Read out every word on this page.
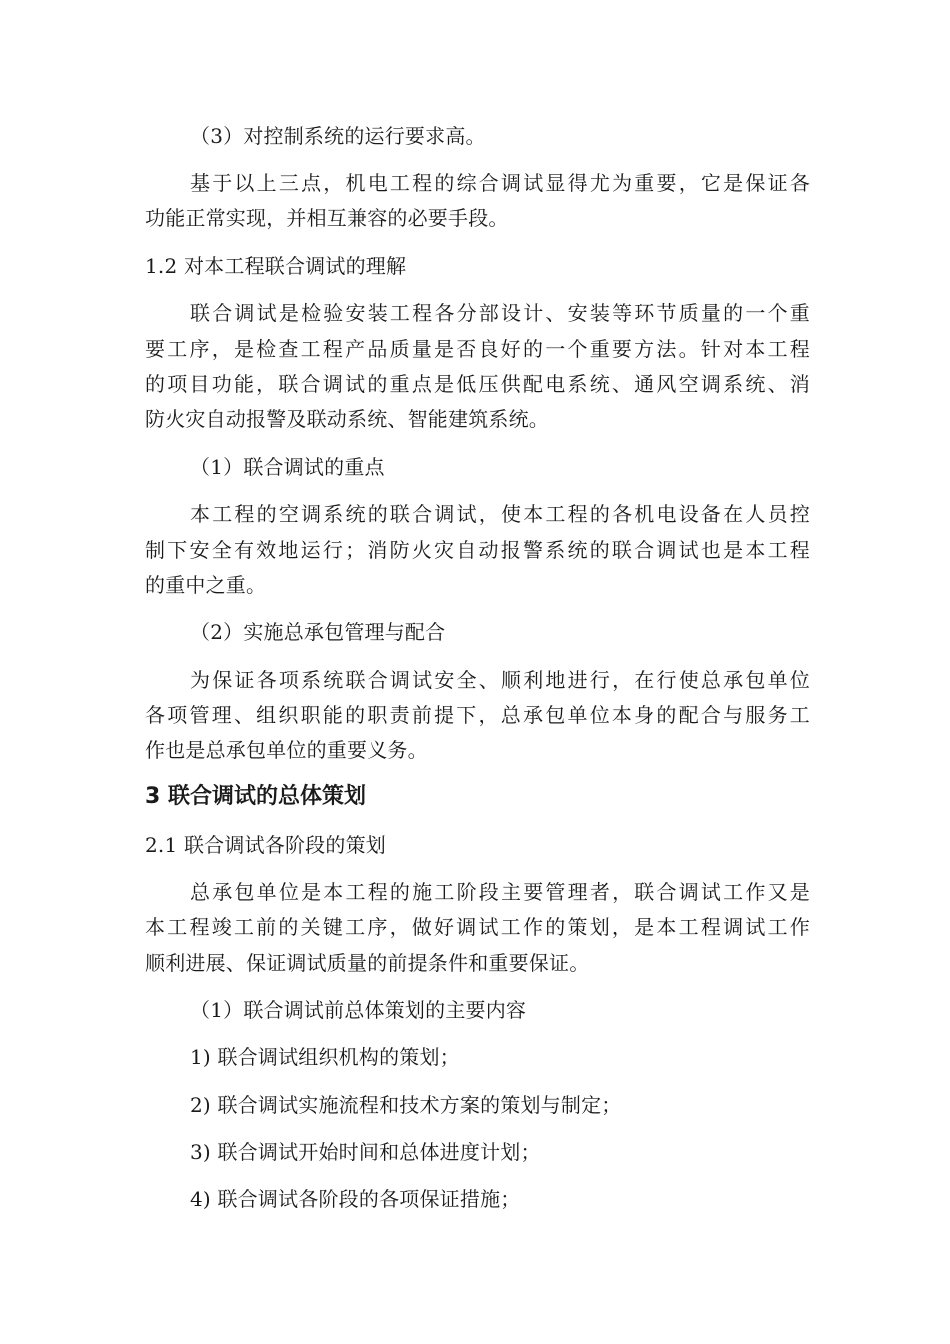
（3）对控制系统的运行要求高。
基于以上三点，机电工程的综合调试显得尤为重要，它是保证各
功能正常实现，并相互兼容的必要手段。
1.2 对本工程联合调试的理解
联合调试是检验安装工程各分部设计、安装等环节质量的一个重
要工序，是检查工程产品质量是否良好的一个重要方法。针对本工程
的项目功能，联合调试的重点是低压供配电系统、通风空调系统、消
防火灾自动报警及联动系统、智能建筑系统。
（1）联合调试的重点
本工程的空调系统的联合调试，使本工程的各机电设备在人员控
制下安全有效地运行；消防火灾自动报警系统的联合调试也是本工程
的重中之重。
（2）实施总承包管理与配合
为保证各项系统联合调试安全、顺利地进行，在行使总承包单位
各项管理、组织职能的职责前提下，总承包单位本身的配合与服务工
作也是总承包单位的重要义务。
3 联合调试的总体策划
2.1 联合调试各阶段的策划
总承包单位是本工程的施工阶段主要管理者，联合调试工作又是
本工程竣工前的关键工序，做好调试工作的策划，是本工程调试工作
顺利进展、保证调试质量的前提条件和重要保证。
（1）联合调试前总体策划的主要内容
1) 联合调试组织机构的策划；
2) 联合调试实施流程和技术方案的策划与制定；
3) 联合调试开始时间和总体进度计划；
4) 联合调试各阶段的各项保证措施；
